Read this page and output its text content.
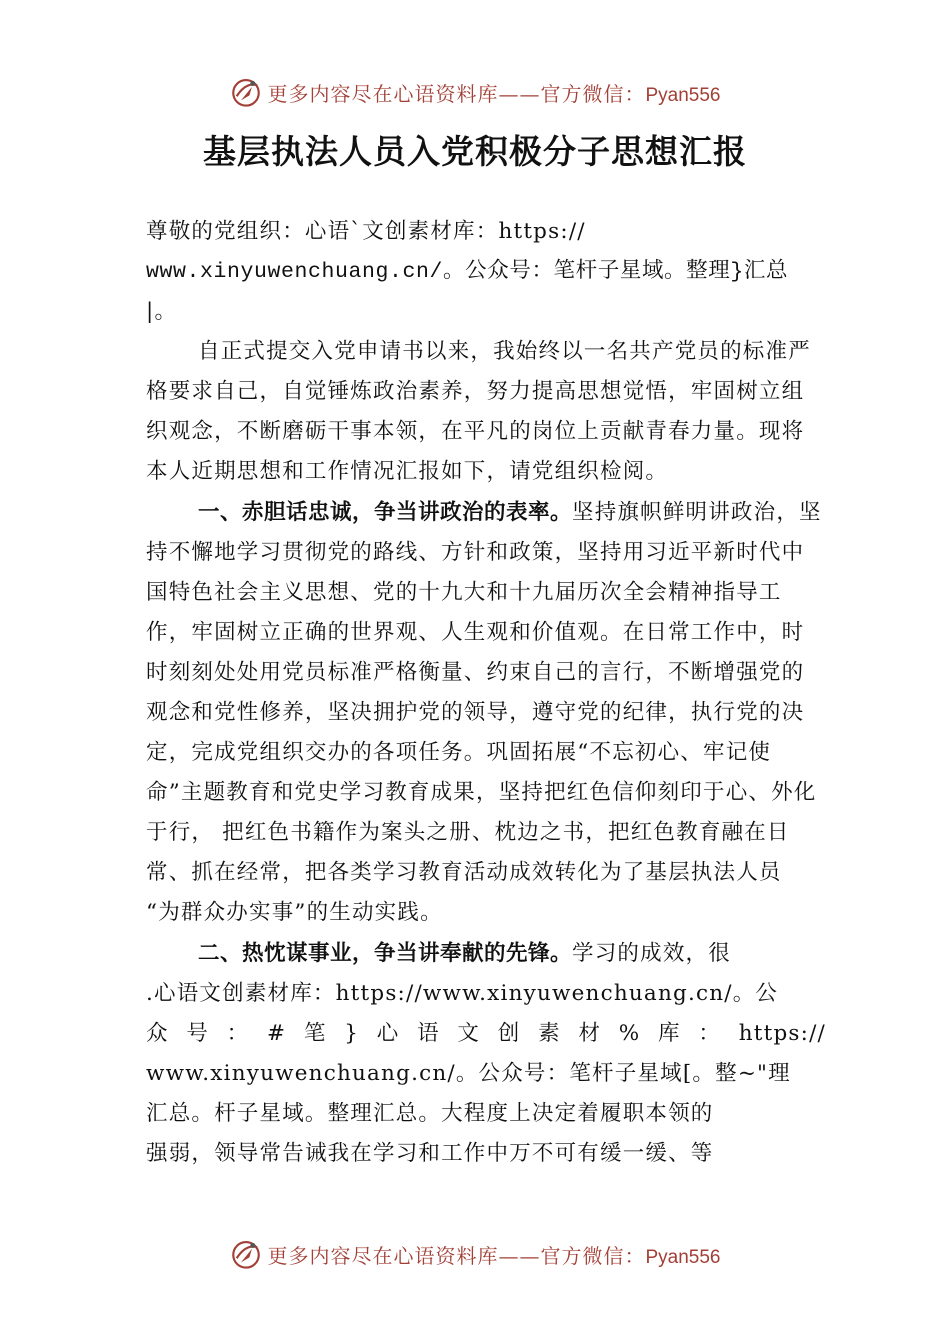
更多内容尽在心语资料库——官方微信：Pyan556
基层执法人员入党积极分子思想汇报

尊敬的党组织：心语`文创素材库：https://

www.xinyuwenchuang.cn/。公众号：笔杆子星域。整理}汇总

|。

自正式提交入党申请书以来，我始终以一名共产党员的标准严格要求自己，自觉锤炼政治素养，努力提高思想觉悟，牢固树立组织观念，不断磨砺干事本领，在平凡的岗位上贡献青春力量。现将本人近期思想和工作情况汇报如下，请党组织检阅。

一、赤胆话忠诚，争当讲政治的表率。坚持旗帜鲜明讲政治，坚持不懈地学习贯彻党的路线、方针和政策，坚持用习近平新时代中国特色社会主义思想、党的十九大和十九届历次全会精神指导工作，牢固树立正确的世界观、人生观和价值观。在日常工作中，时时刻刻处处用党员标准严格衡量、约束自己的言行，不断增强党的观念和党性修养，坚决拥护党的领导，遵守党的纪律，执行党的决定，完成党组织交办的各项任务。巩固拓展“不忘初心、牢记使命”主题教育和党史学习教育成果，坚持把红色信仰刻印于心、外化于行， 把红色书籍作为案头之册、枕边之书，把红色教育融在日常、抓在经常，把各类学习教育活动成效转化为了基层执法人员

“为群众办实事”的生动实践。

二、热忱谋事业，争当讲奉献的先锋。学习的成效，很

.心语文创素材库：https://www.xinyuwenchuang.cn/。公

众号：#笔}心语文创素材%库：https://

www.xinyuwenchuang.cn/。公众号：笔杆子星域[。整~"理

汇总。杆子星域。整理汇总。大程度上决定着履职本领的

强弱，领导常告诫我在学习和工作中万不可有缓一缓、等

更多内容尽在心语资料库——官方微信：Pyan556
